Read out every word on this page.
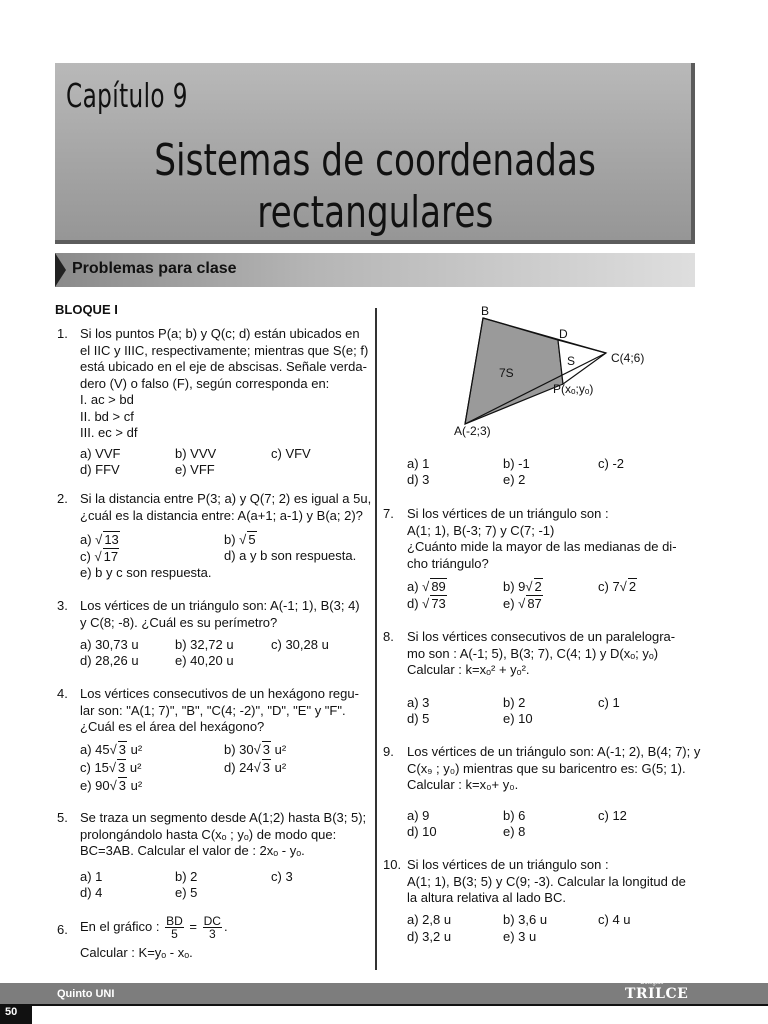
Capítulo 9
Sistemas de coordenadas
rectangulares
Problemas para clase
BLOQUE I
1. Si los puntos P(a; b) y Q(c; d) están ubicados en
el IIC y IIIC, respectivamente; mientras que S(e; f)
está ubicado en el eje de abscisas. Señale verda-
dero (V) o falso (F), según corresponda en:
I. ac > bd
II. bd > cf
III. ec > df
a) VVF	b) VVV	c) VFV
d) FFV	e) VFF
2. Si la distancia entre P(3; a) y Q(7; 2) es igual a 5u,
¿cuál es la distancia entre: A(a+1; a-1) y B(a; 2)?
a) √ 13	b) √ 5
c) √ 17	d) a y b son respuesta.
e) b y c son respuesta.
3. Los vértices de un triángulo son: A(-1; 1), B(3; 4)
y C(8; -8). ¿Cuál es su perímetro?
a) 30,73 u	b) 32,72 u	c) 30,28 u
d) 28,26 u	e) 40,20 u
4. Los vértices consecutivos de un hexágono regu-
lar son: "A(1; 7)", "B", "C(4; -2)", "D", "E" y "F".
¿Cuál es el área del hexágono?
a) 45√ 3 u²	b) 30√ 3 u²
c) 15√ 3 u²	d) 24√ 3 u²
e) 90√ 3 u²
5. Se traza un segmento desde A(1;2) hasta B(3; 5);
prolongándolo hasta C(xₒ ; yₒ) de modo que:
BC=3AB. Calcular el valor de : 2xₒ - yₒ.
a) 1	b) 2	c) 3
d) 4	e) 5
6. En el gráfico : $\frac{BD}{5} = \frac{DC}{3}$ .
Calcular : K=yₒ - xₒ.
B
D
C(4;6)
S
7S
P(xₒ;yₒ)
A(-2;3)
a) 1	b) -1	c) -2
d) 3	e) 2
7. Si los vértices de un triángulo son :
A(1; 1), B(-3; 7) y C(7; -1)
¿Cuánto mide la mayor de las medianas de di-
cho triángulo?
a) √ 89	b) 9√ 2	c) 7√ 2
d) √ 73	e) √ 87
8. Si los vértices consecutivos de un paralelogra-
mo son : A(-1; 5), B(3; 7), C(4; 1) y D(xₒ; yₒ)
Calcular : k=xₒ² + yₒ².
a) 3	b) 2	c) 1
d) 5	e) 10
9. Los vértices de un triángulo son: A(-1; 2), B(4; 7); y
C(x₉ ; y₀) mientras que su baricentro es: G(5; 1).
Calcular : k=x₀+ y₀.
a) 9	b) 6	c) 12
d) 10	e) 8
10. Si los vértices de un triángulo son :
A(1; 1), B(3; 5) y C(9; -3). Calcular la longitud de
la altura relativa al lado BC.
a) 2,8 u	b) 3,6 u	c) 4 u
d) 3,2 u	e) 3 u
Quinto UNI
Colegios
TRILCE
50
